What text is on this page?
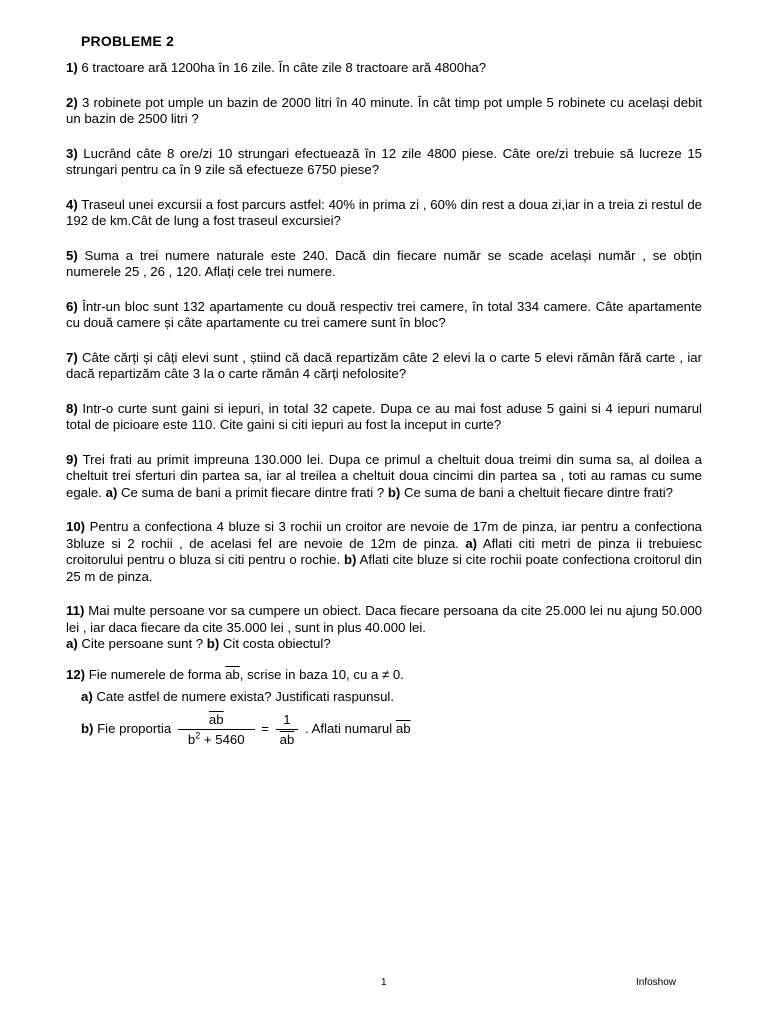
PROBLEME 2
1) 6 tractoare ară 1200ha în 16 zile. În câte zile 8 tractoare ară 4800ha?
2) 3 robinete pot umple un bazin de 2000 litri în 40 minute. În cât timp pot umple 5 robinete cu același debit un bazin de 2500 litri ?
3) Lucrând câte 8 ore/zi 10 strungari efectuează în 12 zile 4800 piese. Câte ore/zi trebuie să lucreze 15 strungari pentru ca în 9 zile să efectueze 6750 piese?
4) Traseul unei excursii a fost parcurs astfel: 40% in prima zi , 60% din rest a doua zi,iar in a treia zi restul de 192 de km.Cât de lung a fost traseul excursiei?
5) Suma a trei numere naturale este 240. Dacă din fiecare număr se scade același număr , se obțin numerele 25 , 26 , 120. Aflați cele trei numere.
6) Într-un bloc sunt 132 apartamente cu două respectiv trei camere, în total 334 camere. Câte apartamente cu două camere și câte apartamente cu trei camere sunt în bloc?
7) Câte cărți și câți elevi sunt , știind că dacă repartizăm câte 2 elevi la o carte 5 elevi rămân fără carte , iar dacă repartizăm câte 3 la o carte rămân 4 cărți nefolosite?
8) Intr-o curte sunt gaini si iepuri, in total 32 capete. Dupa ce au mai fost aduse 5 gaini si 4 iepuri numarul total de picioare este 110. Cite gaini si citi iepuri au fost la inceput in curte?
9) Trei frati au primit impreuna 130.000 lei. Dupa ce primul a cheltuit doua treimi din suma sa, al doilea a cheltuit trei sferturi din partea sa, iar al treilea a cheltuit doua cincimi din partea sa , toti au ramas cu sume egale. a) Ce suma de bani a primit fiecare dintre frati ? b) Ce suma de bani a cheltuit fiecare dintre frati?
10) Pentru a confectiona 4 bluze si 3 rochii un croitor are nevoie de 17m de pinza, iar pentru a confectiona 3bluze si 2 rochii , de acelasi fel are nevoie de 12m de pinza. a) Aflati citi metri de pinza ii trebuiesc croitorului pentru o bluza si citi pentru o rochie. b) Aflati cite bluze si cite rochii poate confectiona croitorul din 25 m de pinza.
11) Mai multe persoane vor sa cumpere un obiect. Daca fiecare persoana da cite 25.000 lei nu ajung 50.000 lei , iar daca fiecare da cite 35.000 lei , sunt in plus 40.000 lei.
a) Cite persoane sunt ? b) Cit costa obiectul?
12) Fie numerele de forma $\overline{ab}$, scrise in baza 10, cu a ≠ 0.
a) Cate astfel de numere exista? Justificati raspunsul.
b) Fie proportia $\frac{\overline{ab}}{b^2 + 5460} = \frac{1}{ab}$ . Aflati numarul $\overline{ab}$
1	Infoshow
